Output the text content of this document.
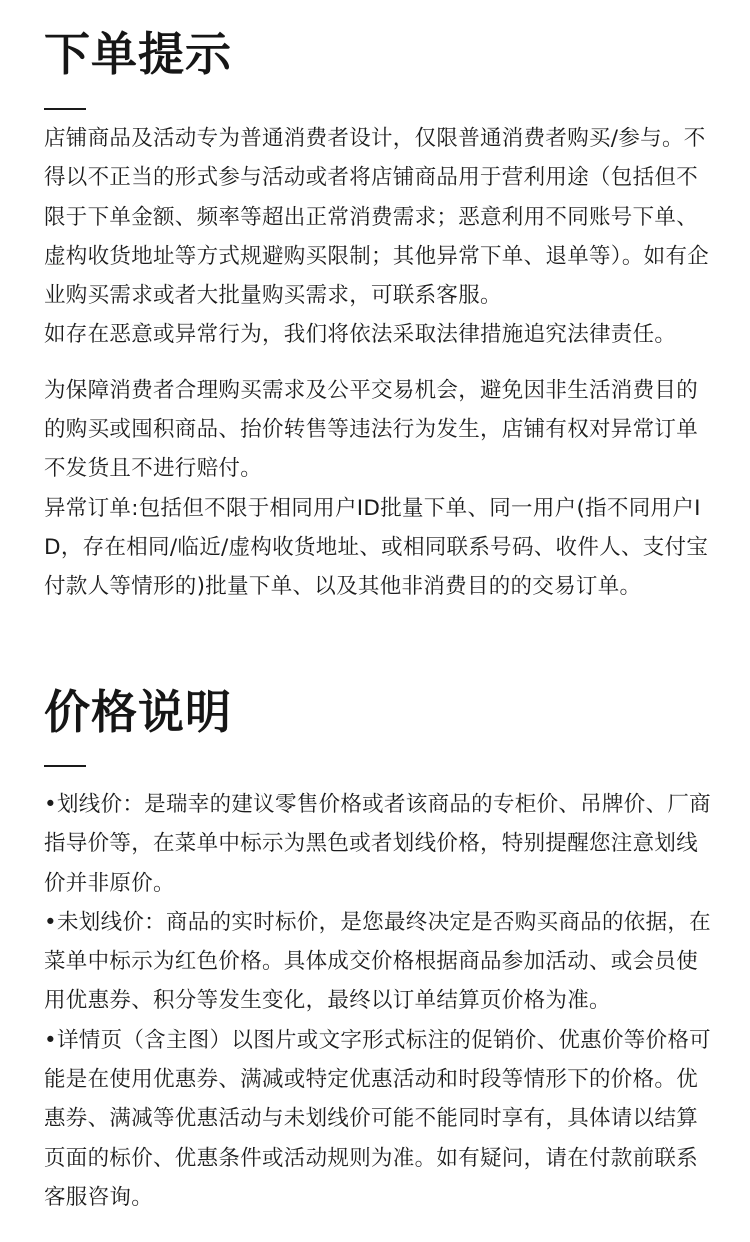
下单提示

店铺商品及活动专为普通消费者设计，仅限普通消费者购买/参与。不得以不正当的形式参与活动或者将店铺商品用于营利用途（包括但不限于下单金额、频率等超出正常消费需求；恶意利用不同账号下单、虚构收货地址等方式规避购买限制；其他异常下单、退单等）。如有企业购买需求或者大批量购买需求，可联系客服。

如存在恶意或异常行为，我们将依法采取法律措施追究法律责任。

为保障消费者合理购买需求及公平交易机会，避免因非生活消费目的的购买或囤积商品、抬价转售等违法行为发生，店铺有权对异常订单不发货且不进行赔付。

异常订单:包括但不限于相同用户ID批量下单、同一用户(指不同用户ID，存在相同/临近/虚构收货地址、或相同联系号码、收件人、支付宝付款人等情形的)批量下单、以及其他非消费目的的交易订单。

价格说明

•划线价：是瑞幸的建议零售价格或者该商品的专柜价、吊牌价、厂商指导价等，在菜单中标示为黑色或者划线价格，特别提醒您注意划线价并非原价。

•未划线价：商品的实时标价，是您最终决定是否购买商品的依据，在菜单中标示为红色价格。具体成交价格根据商品参加活动、或会员使用优惠券、积分等发生变化，最终以订单结算页价格为准。

•详情页（含主图）以图片或文字形式标注的促销价、优惠价等价格可能是在使用优惠券、满减或特定优惠活动和时段等情形下的价格。优惠券、满减等优惠活动与未划线价可能不能同时享有，具体请以结算页面的标价、优惠条件或活动规则为准。如有疑问，请在付款前联系客服咨询。
